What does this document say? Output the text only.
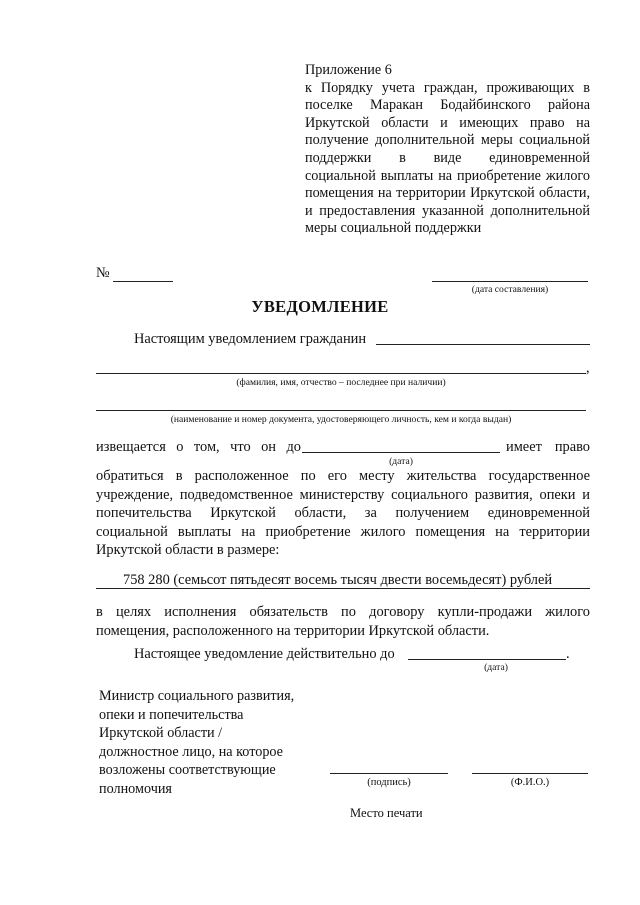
Приложение 6
к Порядку учета граждан, проживающих в поселке Маракан Бодайбинского района Иркутской области и имеющих право на получение дополнительной меры социальной поддержки в виде единовременной социальной выплаты на приобретение жилого помещения на территории Иркутской области, и предоставления указанной дополнительной меры социальной поддержки
№
(дата составления)
УВЕДОМЛЕНИЕ
Настоящим уведомлением гражданин
,
(фамилия, имя, отчество – последнее при наличии)
(наименование и номер документа, удостоверяющего личность, кем и когда выдан)
извещается о том, что он до
(дата)
имеет право
обратиться в расположенное по его месту жительства государственное
учреждение, подведомственное министерству социального развития, опеки и
попечительства Иркутской области, за получением единовременной
социальной выплаты на приобретение жилого помещения на территории
Иркутской области в размере:
758 280 (семьсот пятьдесят восемь тысяч двести восемьдесят) рублей
в целях исполнения обязательств по договору купли-продажи жилого
помещения, расположенного на территории Иркутской области.
Настоящее уведомление действительно до	.
(дата)
Министр социального развития,
опеки и попечительства
Иркутской области /
должностное лицо, на которое
возложены соответствующие
полномочия	(подпись)	(Ф.И.О.)
Место печати
